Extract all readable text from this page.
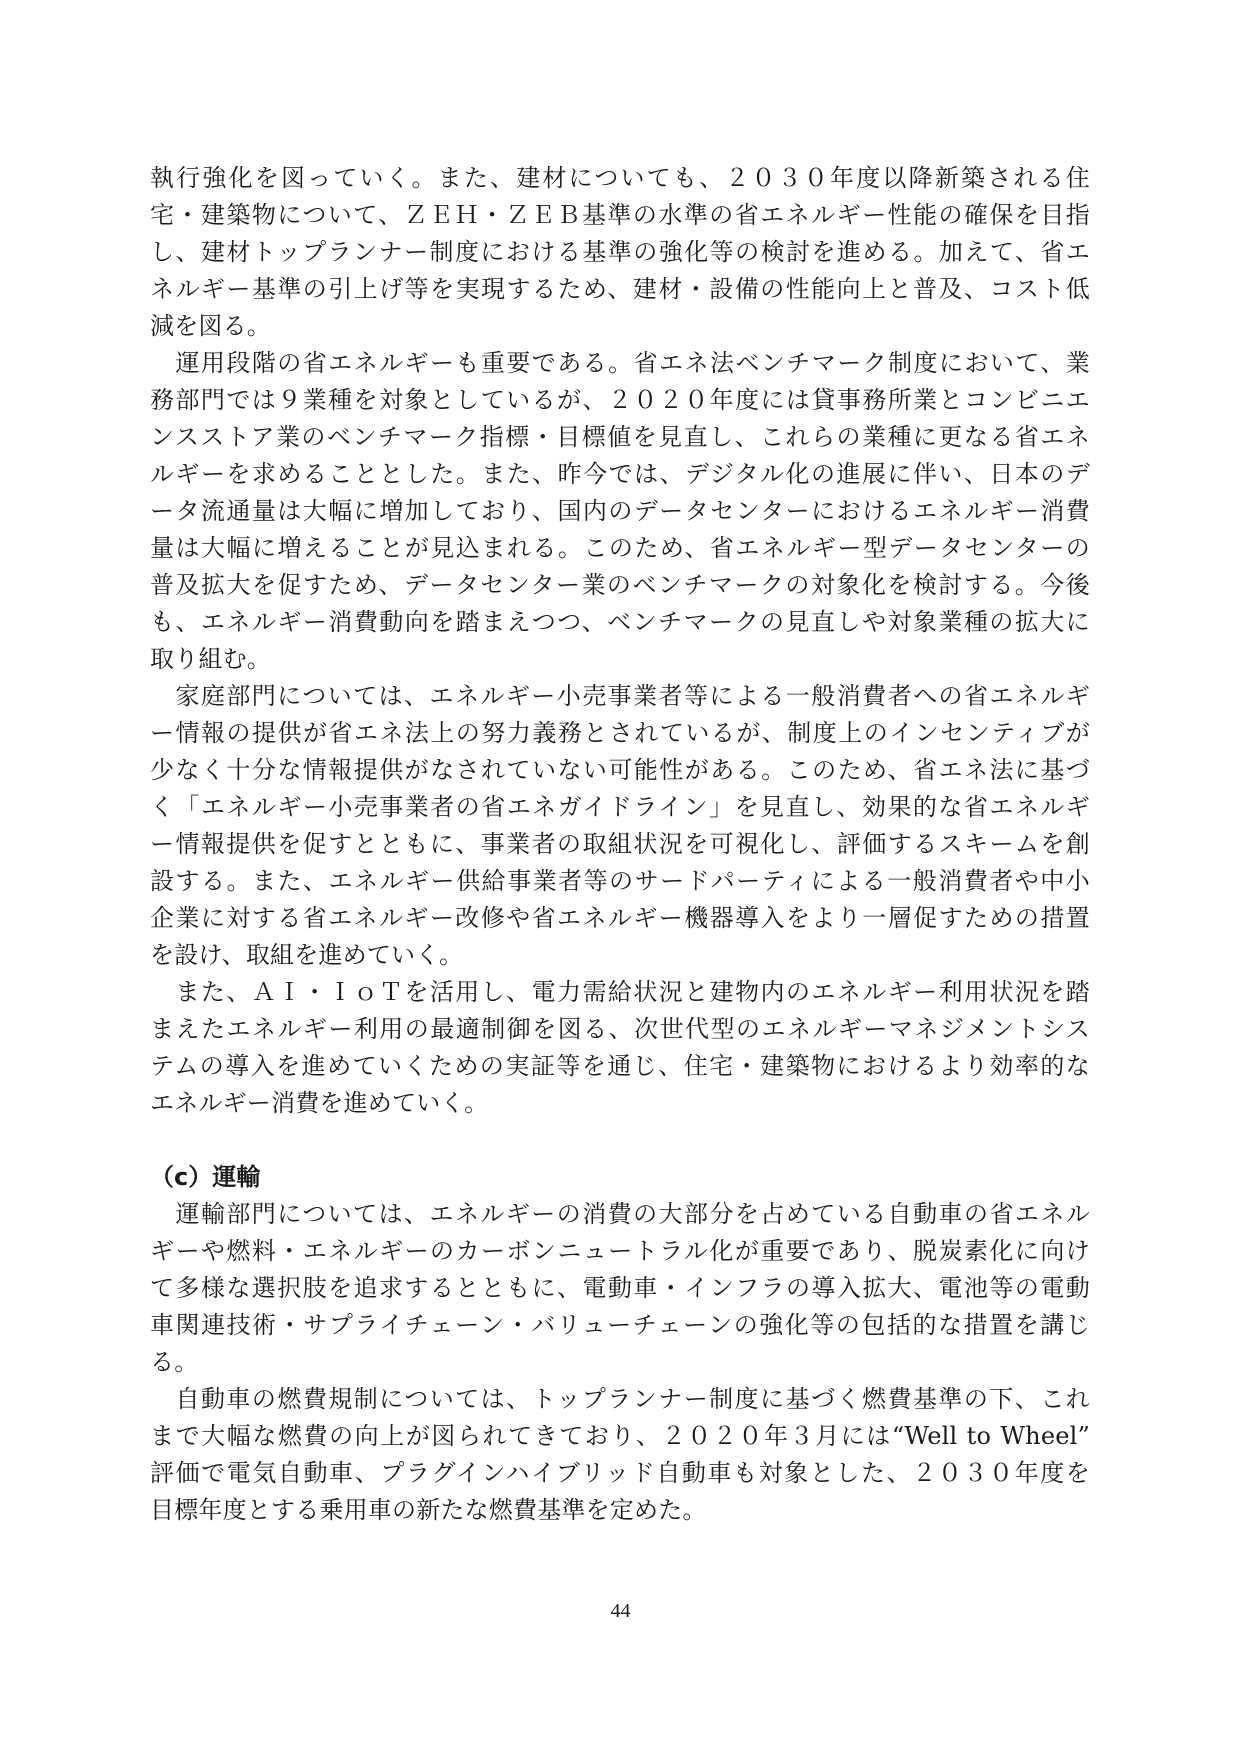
執行強化を図っていく。また、建材についても、２０３０年度以降新築される住
宅・建築物について、ＺＥＨ・ＺＥＢ基準の水準の省エネルギー性能の確保を目指
し、建材トップランナー制度における基準の強化等の検討を進める。加えて、省エ
ネルギー基準の引上げ等を実現するため、建材・設備の性能向上と普及、コスト低
減を図る。
　運用段階の省エネルギーも重要である。省エネ法ベンチマーク制度において、業
務部門では９業種を対象としているが、２０２０年度には貸事務所業とコンビニエ
ンスストア業のベンチマーク指標・目標値を見直し、これらの業種に更なる省エネ
ルギーを求めることとした。また、昨今では、デジタル化の進展に伴い、日本のデ
ータ流通量は大幅に増加しており、国内のデータセンターにおけるエネルギー消費
量は大幅に増えることが見込まれる。このため、省エネルギー型データセンターの
普及拡大を促すため、データセンター業のベンチマークの対象化を検討する。今後
も、エネルギー消費動向を踏まえつつ、ベンチマークの見直しや対象業種の拡大に
取り組む。
　家庭部門については、エネルギー小売事業者等による一般消費者への省エネルギ
ー情報の提供が省エネ法上の努力義務とされているが、制度上のインセンティブが
少なく十分な情報提供がなされていない可能性がある。このため、省エネ法に基づ
く「エネルギー小売事業者の省エネガイドライン」を見直し、効果的な省エネルギ
ー情報提供を促すとともに、事業者の取組状況を可視化し、評価するスキームを創
設する。また、エネルギー供給事業者等のサードパーティによる一般消費者や中小
企業に対する省エネルギー改修や省エネルギー機器導入をより一層促すための措置
を設け、取組を進めていく。
　また、ＡＩ・ＩｏＴを活用し、電力需給状況と建物内のエネルギー利用状況を踏
まえたエネルギー利用の最適制御を図る、次世代型のエネルギーマネジメントシス
テムの導入を進めていくための実証等を通じ、住宅・建築物におけるより効率的な
エネルギー消費を進めていく。
（c）運輸
　運輸部門については、エネルギーの消費の大部分を占めている自動車の省エネル
ギーや燃料・エネルギーのカーボンニュートラル化が重要であり、脱炭素化に向け
て多様な選択肢を追求するとともに、電動車・インフラの導入拡大、電池等の電動
車関連技術・サプライチェーン・バリューチェーンの強化等の包括的な措置を講じ
る。
　自動車の燃費規制については、トップランナー制度に基づく燃費基準の下、これ
まで大幅な燃費の向上が図られてきており、２０２０年３月には“Well to Wheel”
評価で電気自動車、プラグインハイブリッド自動車も対象とした、２０３０年度を
目標年度とする乗用車の新たな燃費基準を定めた。
44
